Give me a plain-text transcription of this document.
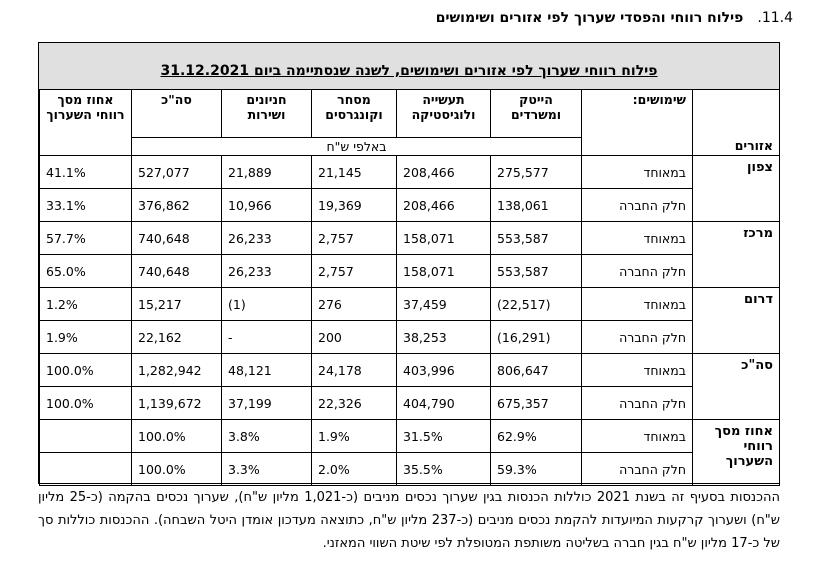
11.4.פילוח רווחי והפסדי שערוך לפי אזורים ושימושים
פילוח רווחי שערוך לפי אזורים ושימושים, לשנה שנסתיימה ביום 31.12.2021
אחוז מסך רווחי השערוך	סה"כ	חניונים ושירות	מסחר וקונגרסים	תעשייה ולוגיסטיקה	הייטק ומשרדים	שימושים:	אזורים
	באלפי ש"ח						
41.1%	527,077	21,889	21,145	208,466	275,577	במאוחד	צפון
33.1%	376,862	10,966	19,369	208,466	138,061	חלק החברה	
57.7%	740,648	26,233	2,757	158,071	553,587	במאוחד	מרכז
65.0%	740,648	26,233	2,757	158,071	553,587	חלק החברה	
1.2%	15,217	(1)	276	37,459	(22,517)	במאוחד	דרום
1.9%	22,162	-	200	38,253	(16,291)	חלק החברה	
100.0%	1,282,942	48,121	24,178	403,996	806,647	במאוחד	סה"כ
100.0%	1,139,672	37,199	22,326	404,790	675,357	חלק החברה	
	100.0%	3.8%	1.9%	31.5%	62.9%	במאוחד	אחוז מסך רווחי השערוך
	100.0%	3.3%	2.0%	35.5%	59.3%	חלק החברה	
ההכנסות בסעיף זה בשנת 2021 כוללות הכנסות בגין שערוך נכסים מניבים (כ-1,021 מליון ש"ח), שערוך נכסים בהקמה (כ-25 מליון ש"ח) ושערוך קרקעות המיועדות להקמת נכסים מניבים (כ-237 מליון ש"ח, כתוצאה מעדכון אומדן היטל השבחה). ההכנסות כוללות סך של כ-17 מליון ש"ח בגין חברה בשליטה משותפת המטופלת לפי שיטת השווי המאזני.
